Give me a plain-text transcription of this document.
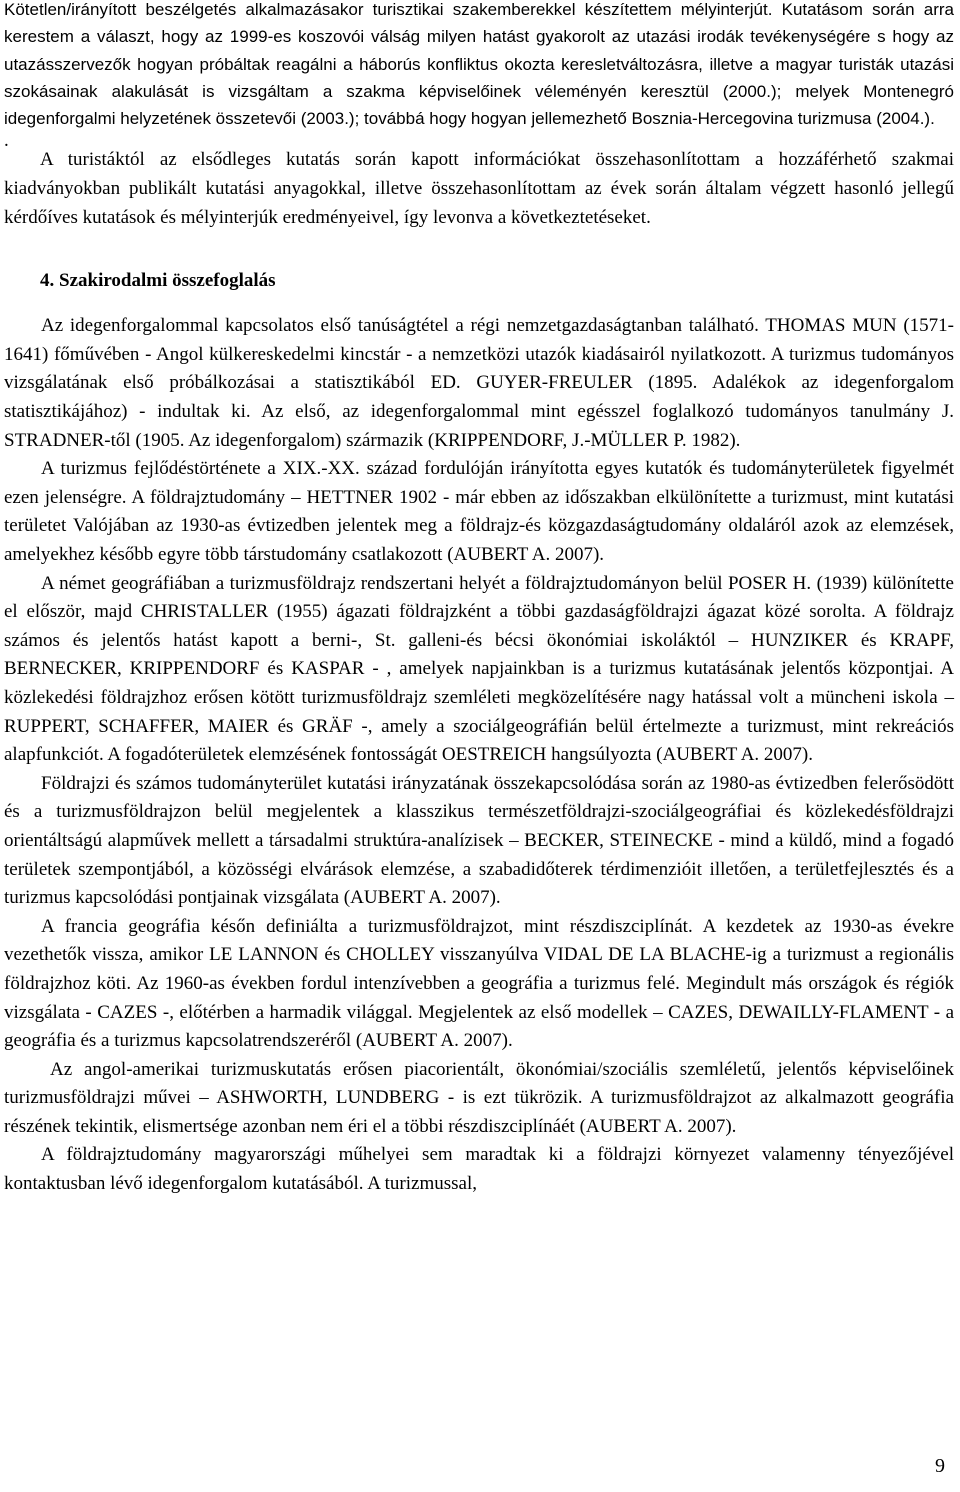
Kötetlen/irányított beszélgetés alkalmazásakor turisztikai szakemberekkel készítettem mélyinterjút. Kutatásom során arra kerestem a választ, hogy az 1999-es koszovói válság milyen hatást gyakorolt az utazási irodák tevékenységére s hogy az utazásszervezők hogyan próbáltak reagálni a háborús konfliktus okozta keresletváltozásra, illetve a magyar turisták utazási szokásainak alakulását is vizsgáltam a szakma képviselőinek véleményén keresztül (2000.); melyek Montenegró idegenforgalmi helyzetének összetevői (2003.); továbbá hogy hogyan jellemezhető Bosznia-Hercegovina turizmusa (2004.).

.

A turistáktól az elsődleges kutatás során kapott információkat összehasonlítottam a hozzáférhető szakmai kiadványokban publikált kutatási anyagokkal, illetve összehasonlítottam az évek során általam végzett hasonló jellegű kérdőíves kutatások és mélyinterjúk eredményeivel, így levonva a következtetéseket.

4. Szakirodalmi összefoglalás

Az idegenforgalommal kapcsolatos első tanúságtétel a régi nemzetgazdaságtanban található. THOMAS MUN (1571-1641) főművében - Angol külkereskedelmi kincstár - a nemzetközi utazók kiadásairól nyilatkozott. A turizmus tudományos vizsgálatának első próbálkozásai a statisztikából ED. GUYER-FREULER (1895. Adalékok az idegenforgalom statisztikájához) - indultak ki. Az első, az idegenforgalommal mint egésszel foglalkozó tudományos tanulmány J. STRADNER-től (1905. Az idegenforgalom) származik (KRIPPENDORF, J.-MÜLLER P. 1982).

A turizmus fejlődéstörténete a XIX.-XX. század fordulóján irányította egyes kutatók és tudományterületek figyelmét ezen jelenségre. A földrajztudomány – HETTNER 1902 - már ebben az időszakban elkülönítette a turizmust, mint kutatási területet Valójában az 1930-as évtizedben jelentek meg a földrajz-és közgazdaságtudomány oldaláról azok az elemzések, amelyekhez később egyre több társtudomány csatlakozott (AUBERT A. 2007).

A német geográfiában a turizmusföldrajz rendszertani helyét a földrajztudományon belül POSER H. (1939) különítette el először, majd CHRISTALLER (1955) ágazati földrajzként a többi gazdaságföldrajzi ágazat közé sorolta. A földrajz számos és jelentős hatást kapott a berni-, St. galleni-és bécsi ökonómiai iskoláktól – HUNZIKER és KRAPF, BERNECKER, KRIPPENDORF és KASPAR - , amelyek napjainkban is a turizmus kutatásának jelentős központjai. A közlekedési földrajzhoz erősen kötött turizmusföldrajz szemléleti megközelítésére nagy hatással volt a müncheni iskola – RUPPERT, SCHAFFER, MAIER és GRÄF -, amely a szociálgeográfián belül értelmezte a turizmust, mint rekreációs alapfunkciót. A fogadóterületek elemzésének fontosságát OESTREICH hangsúlyozta (AUBERT A. 2007).

Földrajzi és számos tudományterület kutatási irányzatának összekapcsolódása során az 1980-as évtizedben felerősödött és a turizmusföldrajzon belül megjelentek a klasszikus természetföldrajzi-szociálgeográfiai és közlekedésföldrajzi orientáltságú alapművek mellett a társadalmi struktúra-analízisek – BECKER, STEINECKE - mind a küldő, mind a fogadó területek szempontjából, a közösségi elvárások elemzése, a szabadidőterek térdimenzióit illetően, a területfejlesztés és a turizmus kapcsolódási pontjainak vizsgálata (AUBERT A. 2007).

A francia geográfia későn definiálta a turizmusföldrajzot, mint részdiszciplínát. A kezdetek az 1930-as évekre vezethetők vissza, amikor LE LANNON és CHOLLEY visszanyúlva VIDAL DE LA BLACHE-ig a turizmust a regionális földrajzhoz köti. Az 1960-as években fordul intenzívebben a geográfia a turizmus felé. Megindult más országok és régiók vizsgálata - CAZES -, előtérben a harmadik világgal. Megjelentek az első modellek – CAZES, DEWAILLY-FLAMENT - a geográfia és a turizmus kapcsolatrendszeréről (AUBERT A. 2007).

Az angol-amerikai turizmuskutatás erősen piacorientált, ökonómiai/szociális szemléletű, jelentős képviselőinek turizmusföldrajzi művei – ASHWORTH, LUNDBERG - is ezt tükrözik. A turizmusföldrajzot az alkalmazott geográfia részének tekintik, elismertsége azonban nem éri el a többi részdiszciplínáét (AUBERT A. 2007).

A földrajztudomány magyarországi műhelyei sem maradtak ki a földrajzi környezet valamenny tényezőjével kontaktusban lévő idegenforgalom kutatásából. A turizmussal,

9
